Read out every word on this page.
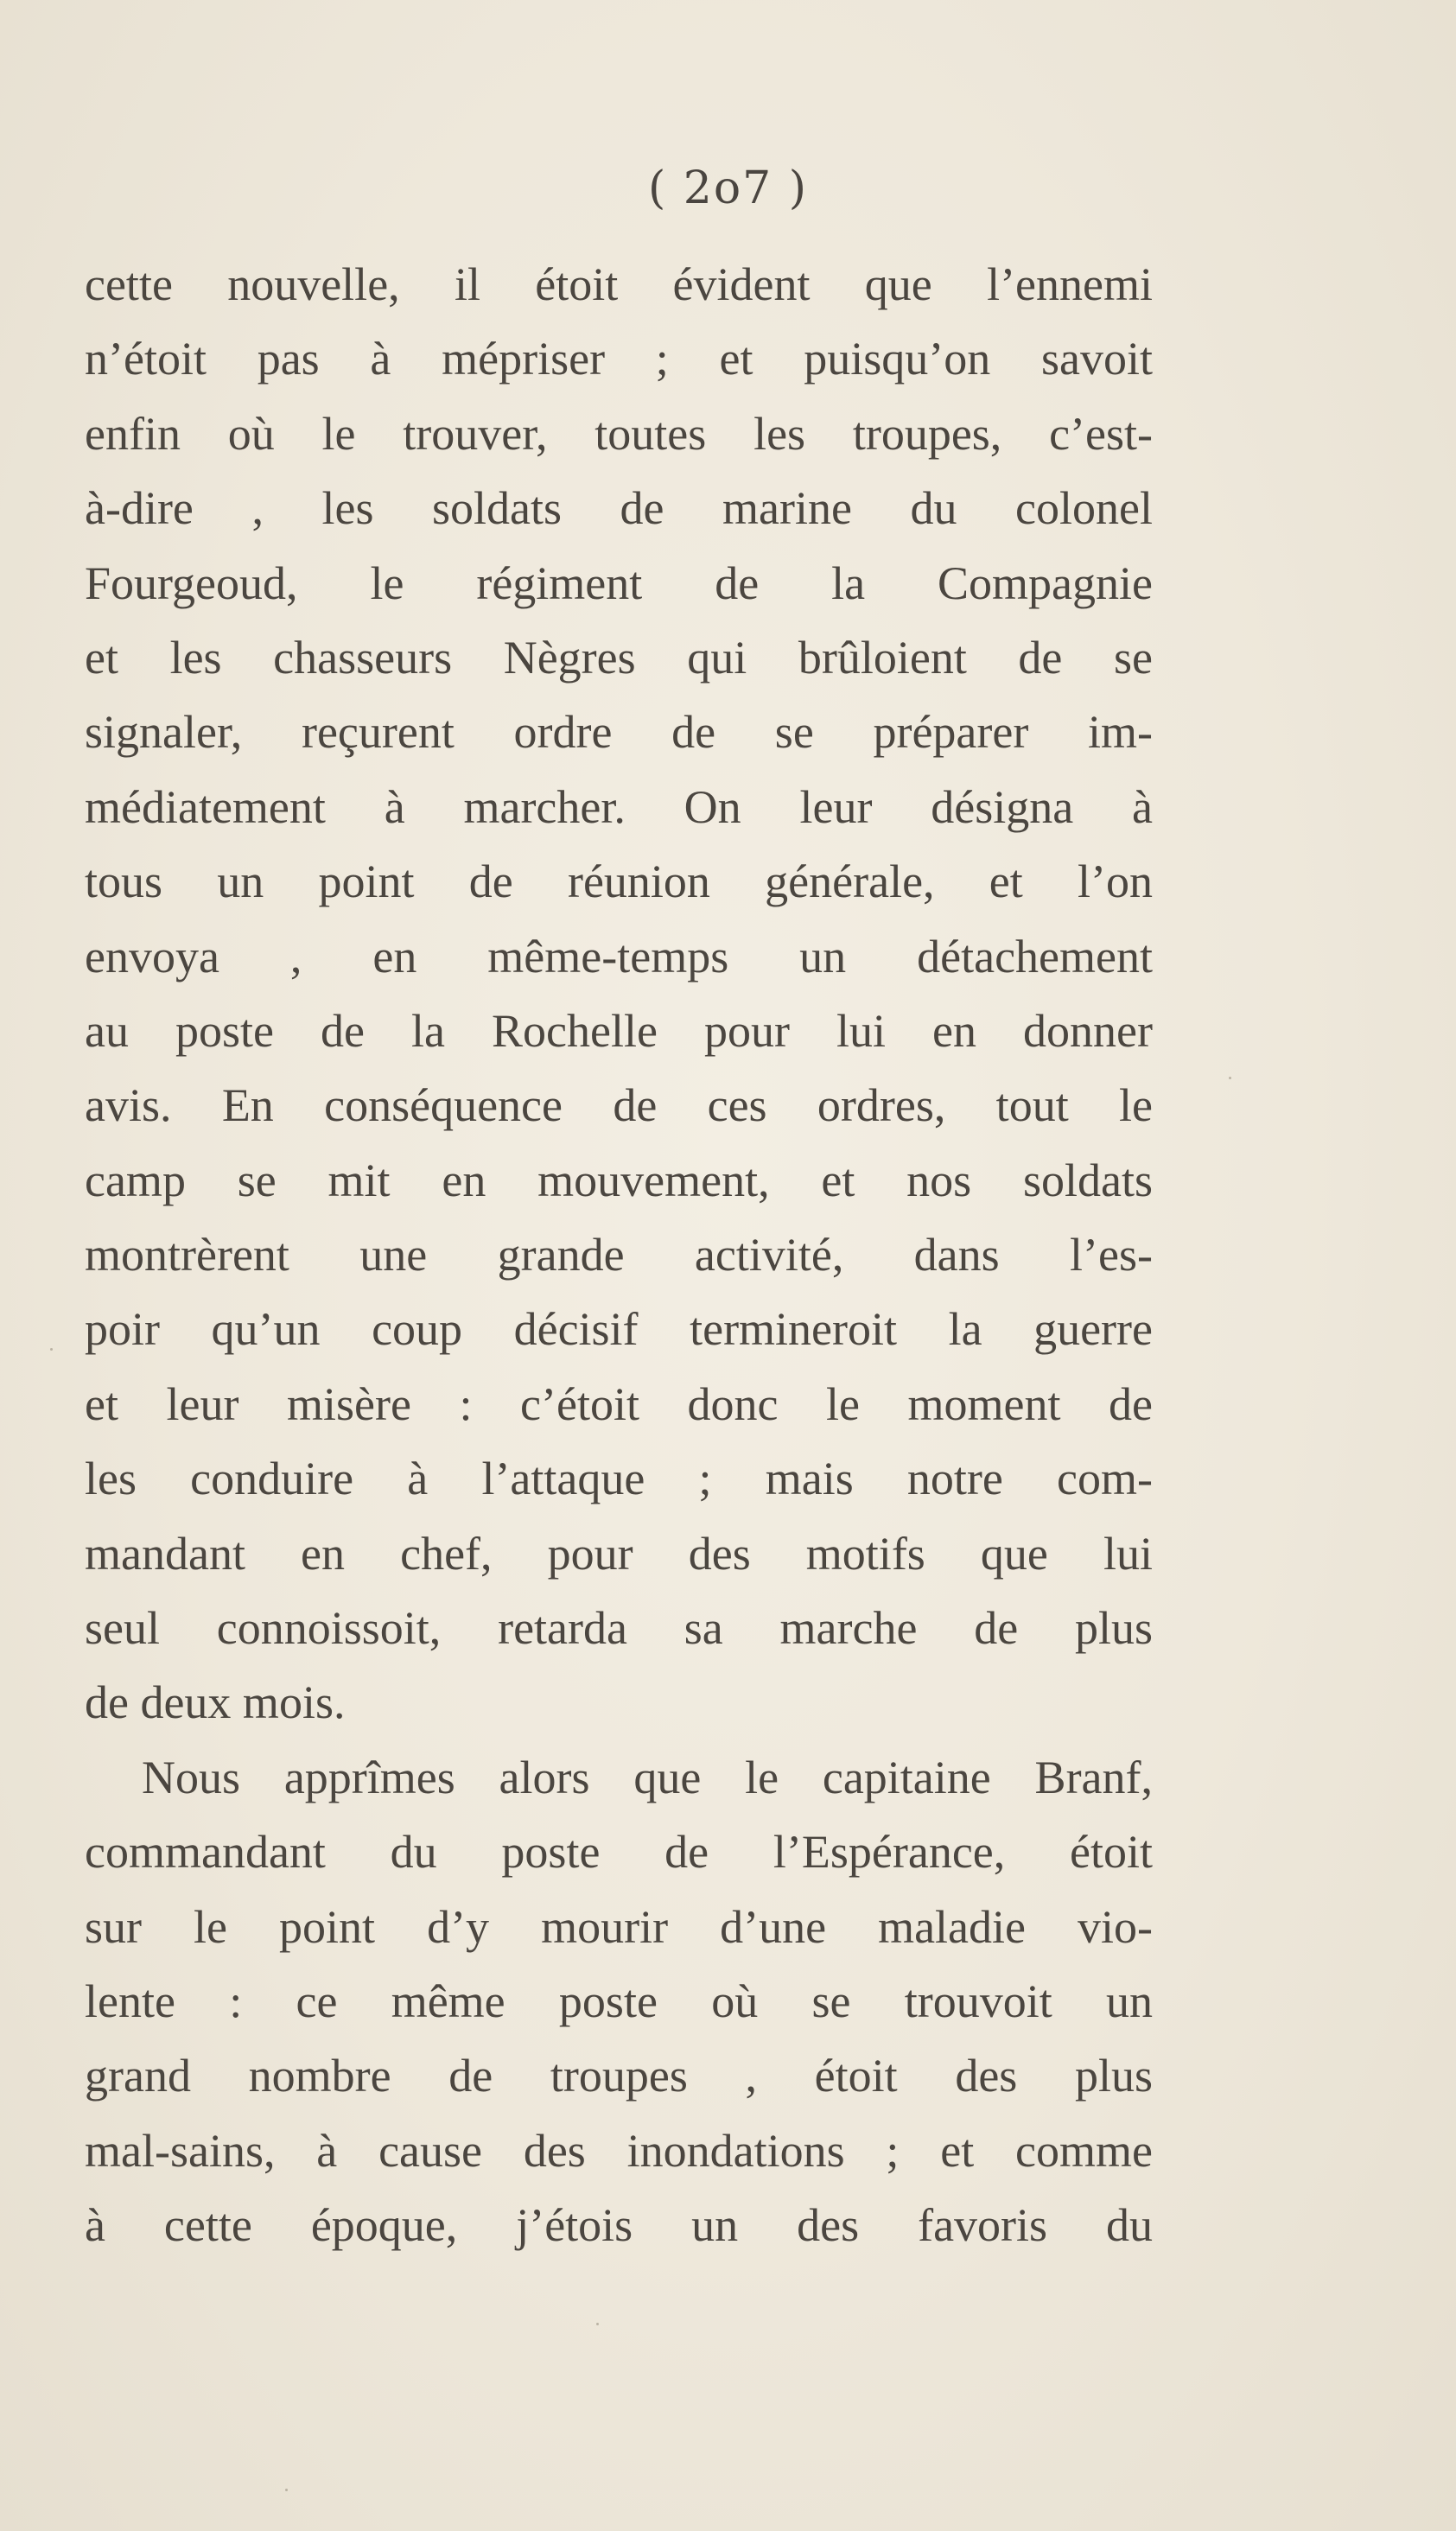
( 2o7 )
cette nouvelle, il étoit évident que l’ennemi
n’étoit pas à mépriser ; et puisqu’on savoit
enfin où le trouver, toutes les troupes, c’est-
à-dire , les soldats de marine du colonel
Fourgeoud, le régiment de la Compagnie
et les chasseurs Nègres qui brûloient de se
signaler, reçurent ordre de se préparer im-
médiatement à marcher. On leur désigna à
tous un point de réunion générale, et l’on
envoya , en même-temps un détachement
au poste de la Rochelle pour lui en donner
avis. En conséquence de ces ordres, tout le
camp se mit en mouvement, et nos soldats
montrèrent une grande activité, dans l’es-
poir qu’un coup décisif termineroit la guerre
et leur misère : c’étoit donc le moment de
les conduire à l’attaque ; mais notre com-
mandant en chef, pour des motifs que lui
seul connoissoit, retarda sa marche de plus
de deux mois.
Nous apprîmes alors que le capitaine Branf,
commandant du poste de l’Espérance, étoit
sur le point d’y mourir d’une maladie vio-
lente : ce même poste où se trouvoit un
grand nombre de troupes , étoit des plus
mal-sains, à cause des inondations ; et comme
à cette époque, j’étois un des favoris du
